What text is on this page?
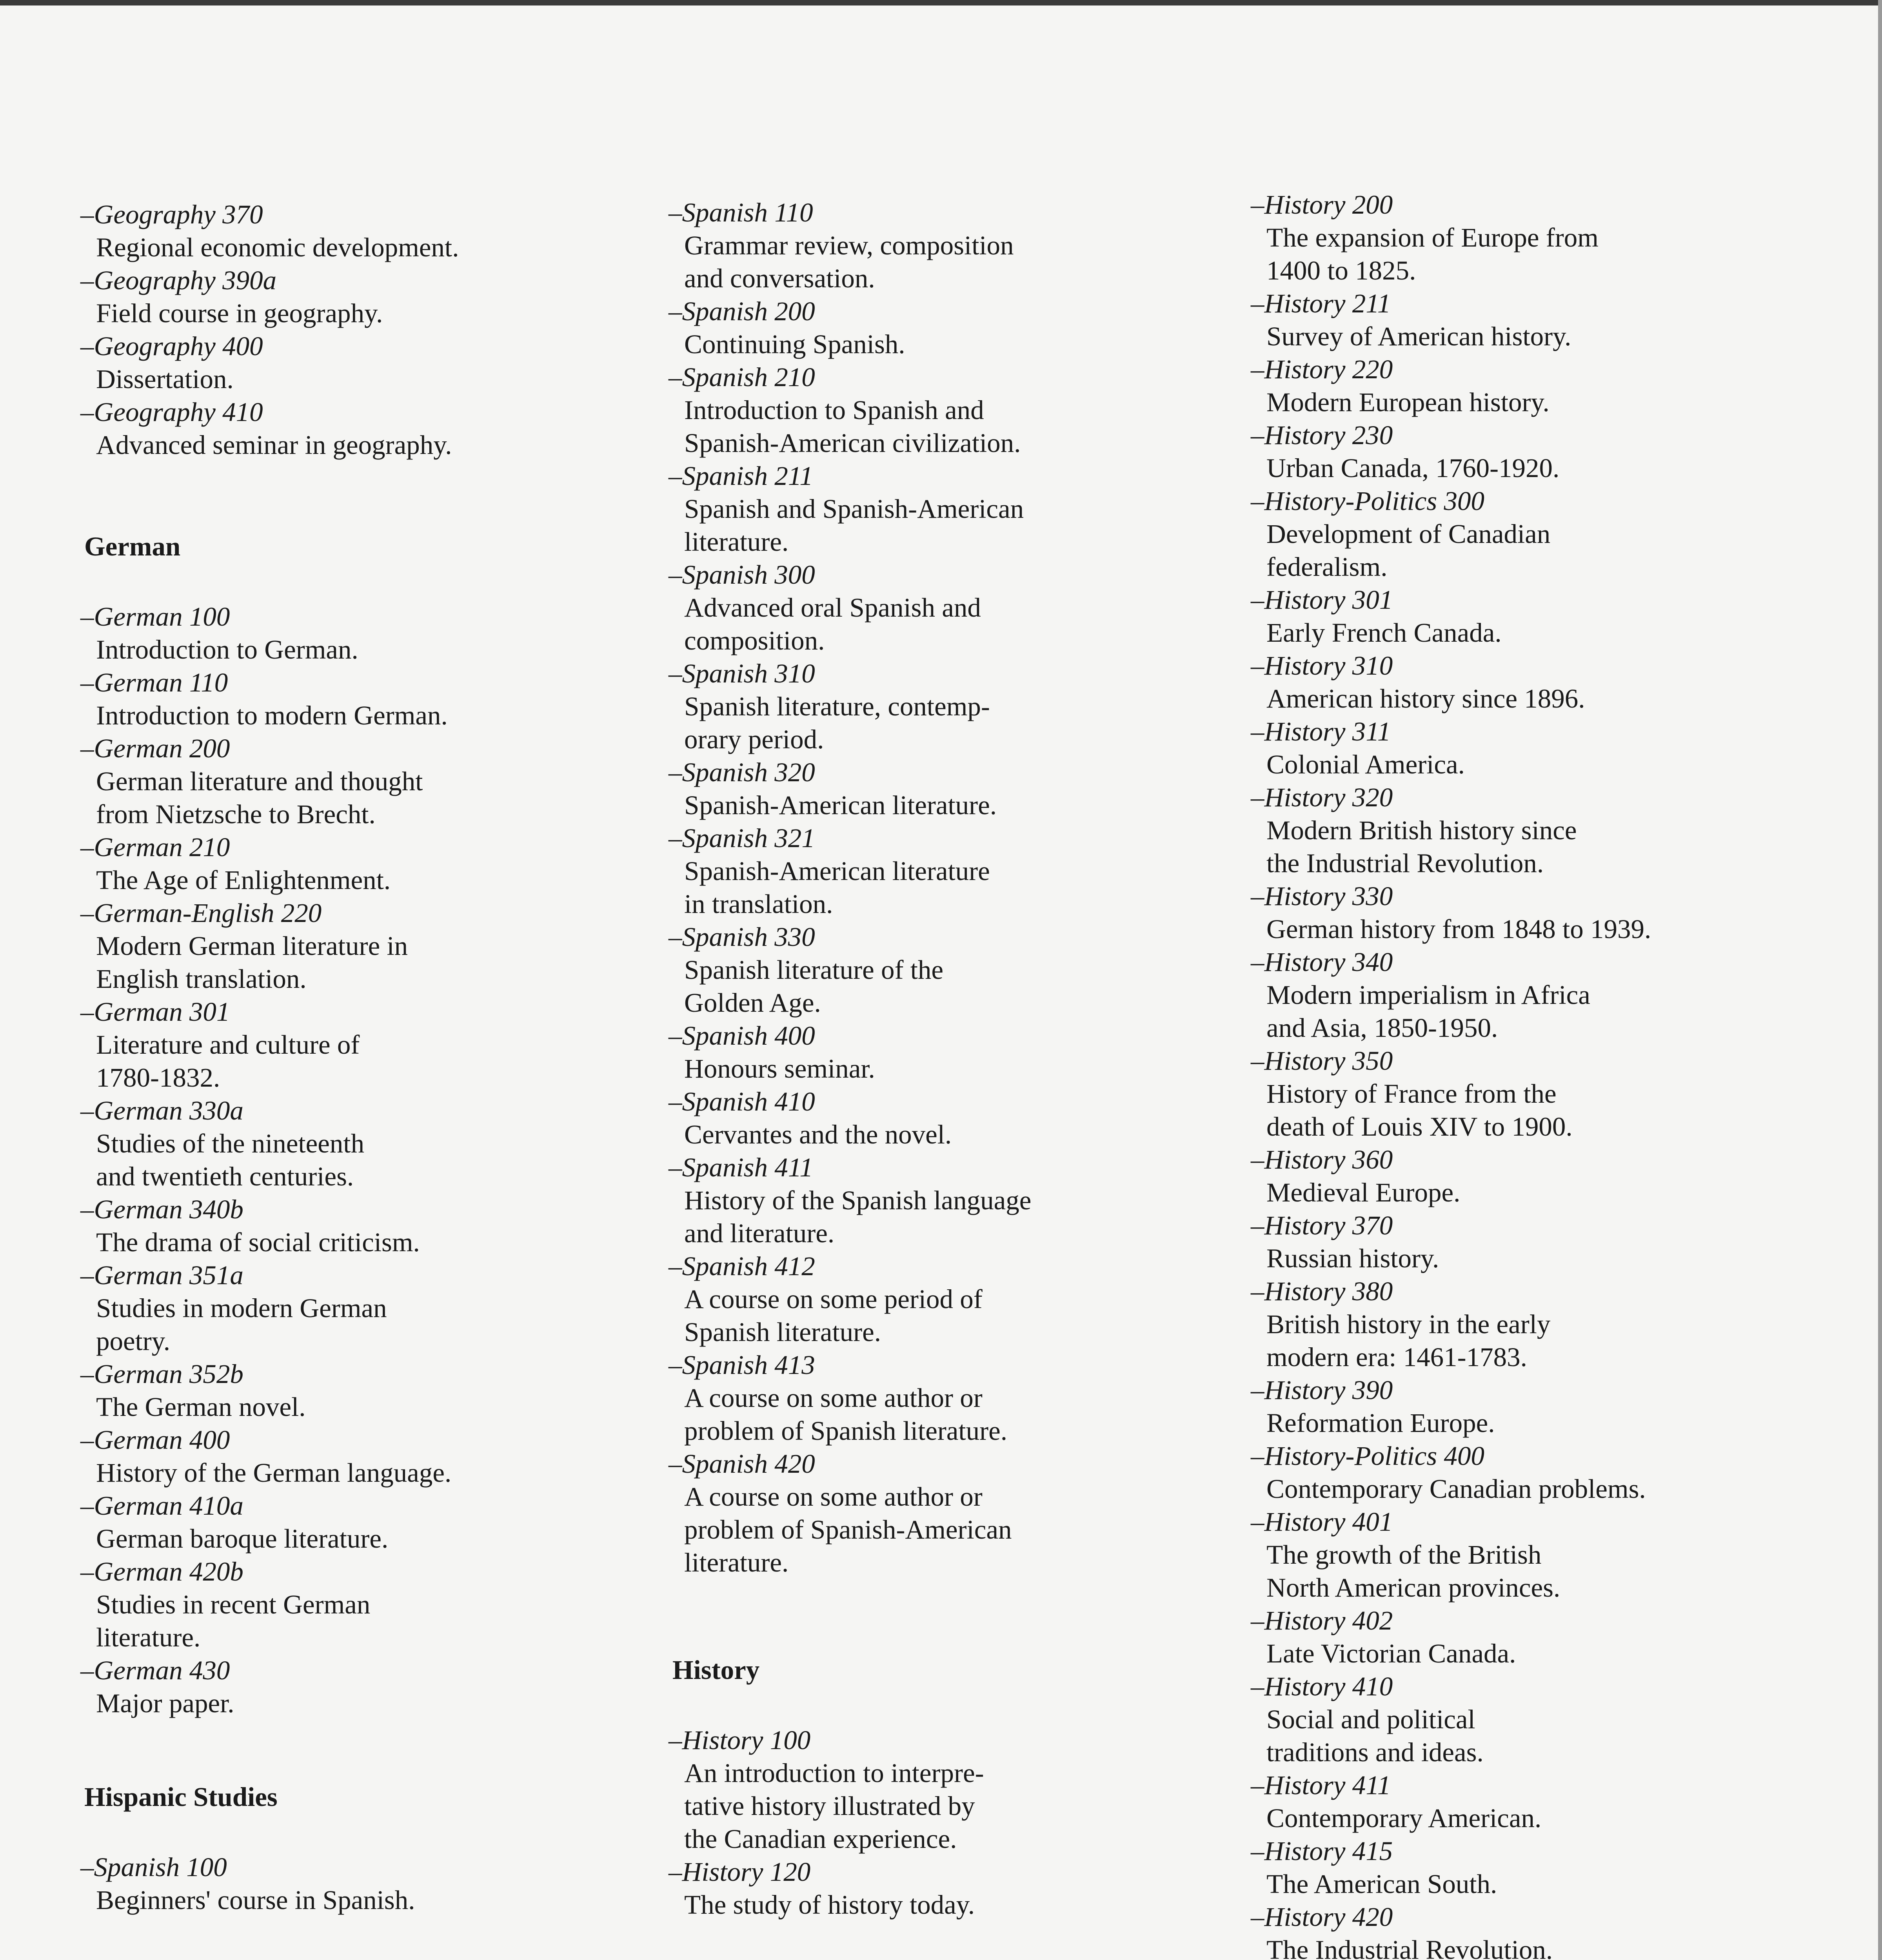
–Geography 370

Regional economic development.

–Geography 390a

Field course in geography.

–Geography 400

Dissertation.

–Geography 410

Advanced seminar in geography.

German

–German 100

Introduction to German.

–German 110

Introduction to modern German.

–German 200

German literature and thought
from Nietzsche to Brecht.

–German 210

The Age of Enlightenment.

–German-English 220

Modern German literature in
English translation.

–German 301

Literature and culture of
1780-1832.

–German 330a

Studies of the nineteenth
and twentieth centuries.

–German 340b

The drama of social criticism.

–German 351a

Studies in modern German
poetry.

–German 352b

The German novel.

–German 400

History of the German language.

–German 410a

German baroque literature.

–German 420b

Studies in recent German
literature.

–German 430

Major paper.

Hispanic Studies

–Spanish 100

Beginners' course in Spanish.

–Spanish 110

Grammar review, composition
and conversation.

–Spanish 200

Continuing Spanish.

–Spanish 210

Introduction to Spanish and
Spanish-American civilization.

–Spanish 211

Spanish and Spanish-American
literature.

–Spanish 300

Advanced oral Spanish and
composition.

–Spanish 310

Spanish literature, contemp-
orary period.

–Spanish 320

Spanish-American literature.

–Spanish 321

Spanish-American literature
in translation.

–Spanish 330

Spanish literature of the
Golden Age.

–Spanish 400

Honours seminar.

–Spanish 410

Cervantes and the novel.

–Spanish 411

History of the Spanish language
and literature.

–Spanish 412

A course on some period of
Spanish literature.

–Spanish 413

A course on some author or
problem of Spanish literature.

–Spanish 420

A course on some author or
problem of Spanish-American
literature.

History

–History 100

An introduction to interpre-
tative history illustrated by
the Canadian experience.

–History 120

The study of history today.

–History 200

The expansion of Europe from
1400 to 1825.

–History 211

Survey of American history.

–History 220

Modern European history.

–History 230

Urban Canada, 1760-1920.

–History-Politics 300

Development of Canadian
federalism.

–History 301

Early French Canada.

–History 310

American history since 1896.

–History 311

Colonial America.

–History 320

Modern British history since
the Industrial Revolution.

–History 330

German history from 1848 to 1939.

–History 340

Modern imperialism in Africa
and Asia, 1850-1950.

–History 350

History of France from the
death of Louis XIV to 1900.

–History 360

Medieval Europe.

–History 370

Russian history.

–History 380

British history in the early
modern era: 1461-1783.

–History 390

Reformation Europe.

–History-Politics 400

Contemporary Canadian problems.

–History 401

The growth of the British
North American provinces.

–History 402

Late Victorian Canada.

–History 410

Social and political
traditions and ideas.

–History 411

Contemporary American.

–History 415

The American South.

–History 420

The Industrial Revolution.
